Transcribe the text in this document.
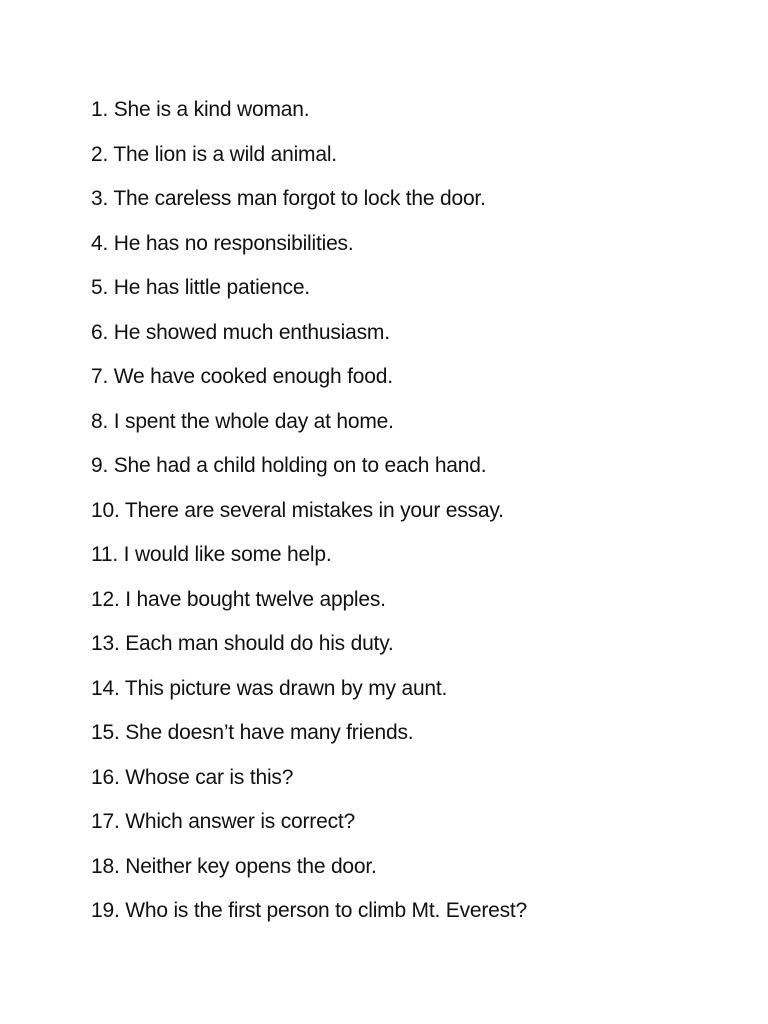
1. She is a kind woman.
2. The lion is a wild animal.
3. The careless man forgot to lock the door.
4. He has no responsibilities.
5. He has little patience.
6. He showed much enthusiasm.
7. We have cooked enough food.
8. I spent the whole day at home.
9. She had a child holding on to each hand.
10. There are several mistakes in your essay.
11. I would like some help.
12. I have bought twelve apples.
13. Each man should do his duty.
14. This picture was drawn by my aunt.
15. She doesn’t have many friends.
16. Whose car is this?
17. Which answer is correct?
18. Neither key opens the door.
19. Who is the first person to climb Mt. Everest?
